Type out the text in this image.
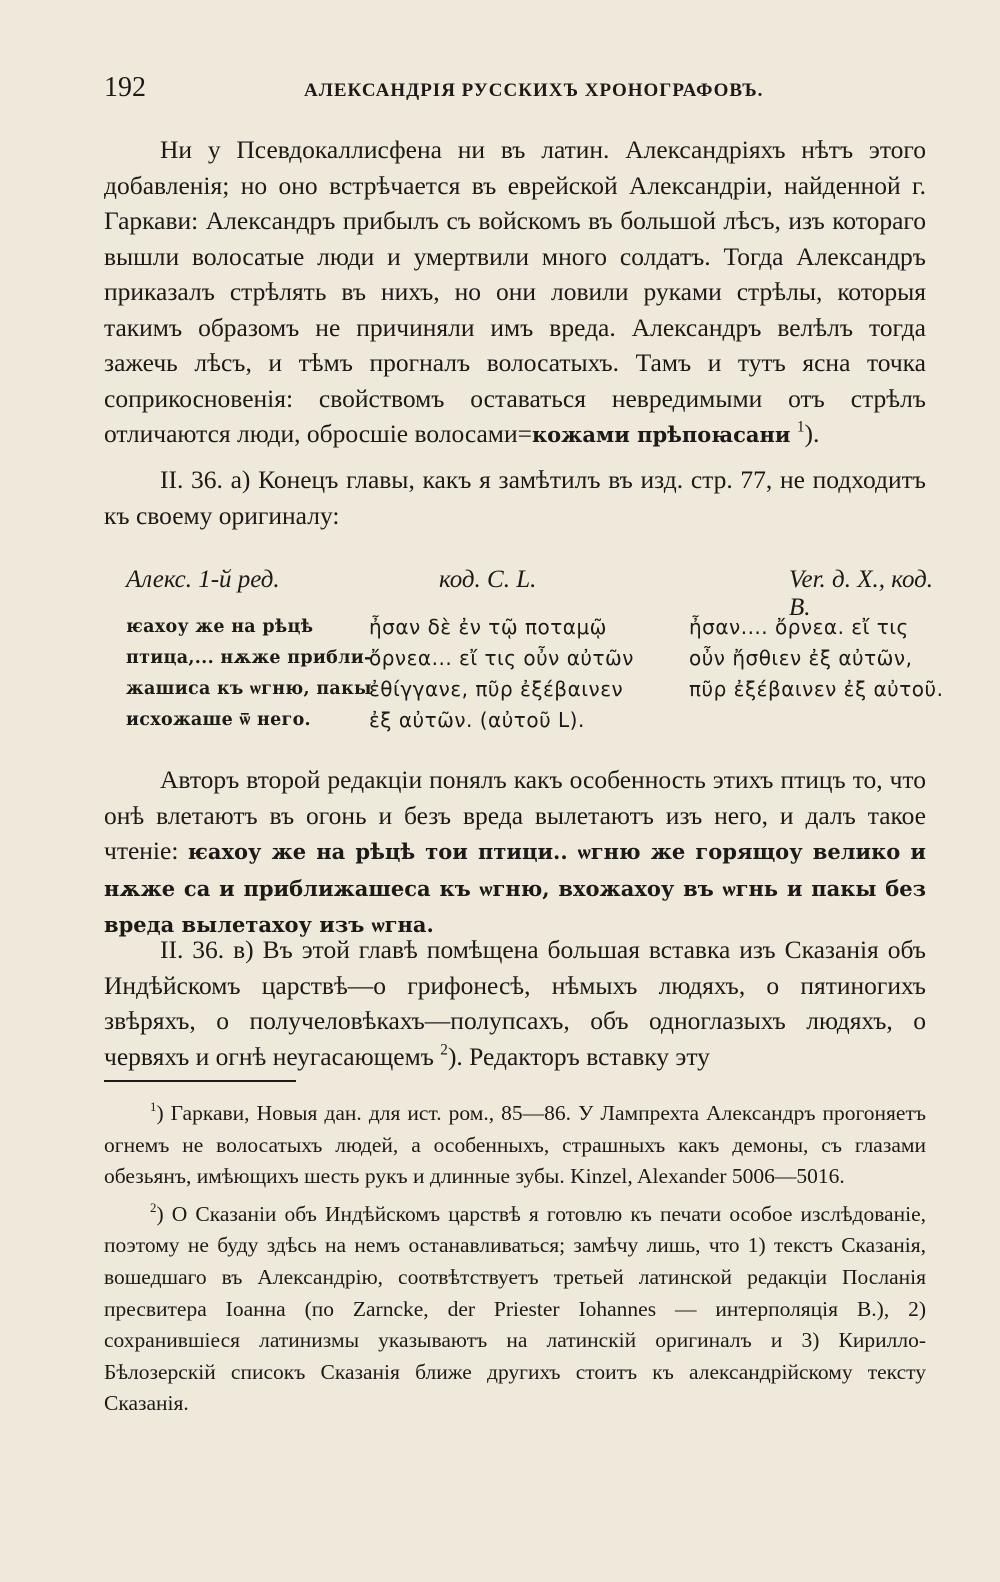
192	АЛЕКСАНДРІЯ РУССКИХЪ ХРОНОГРАФОВЪ.

Ни у Псевдокаллисфена ни въ латин. Александріяхъ нѣтъ этого добавленія; но оно встрѣчается въ еврейской Александріи, найденной г. Гаркави: Александръ прибылъ съ войскомъ въ большой лѣсъ, изъ котораго вышли волосатые люди и умертвили много солдатъ. Тогда Александръ приказалъ стрѣлять въ нихъ, но они ловили руками стрѣлы, которыя такимъ образомъ не причиняли имъ вреда. Александръ велѣлъ тогда зажечь лѣсъ, и тѣмъ прогналъ волосатыхъ. Тамъ и тутъ ясна точка соприкосновенія: свойствомъ оставаться невредимыми отъ стрѣлъ отличаются люди, обросшіе волосами=кожами прѣпоꙗсани $^1$).

II. 36. а) Конецъ главы, какъ я замѣтилъ въ изд. стр. 77, не подходитъ къ своему оригиналу:

Алекс. 1-й ред.
ѥахоу же на рѣцѣ
птица,... нѫже прибли-
жашиса къ ѡгню, пакы
исхожаше ѿ него.
код. С. L.
ἦσαν δὲ ἐν τῷ ποταμῷ
ὄρνεα... εἴ τις οὖν αὐτῶν
ἐθίγγανε, πῦρ ἐξέβαινεν
ἐξ αὐτῶν. (αὐτοῦ L).
Ver. д. X., код. B.
ἦσαν.... ὄρνεα. εἴ τις
οὖν ἤσθιεν ἐξ αὐτῶν,
πῦρ ἐξέβαινεν ἐξ αὐτοῦ.

Авторъ второй редакціи понялъ какъ особенность этихъ птицъ то, что онѣ влетаютъ въ огонь и безъ вреда вылетаютъ изъ него, и далъ такое чтеніе: ѥахоу же на рѣцѣ тои птици.. ѡгню же горящоу велико и нѫже са и приближашеса къ ѡгню, вхожахоу въ ѡгнь и пакы без вреда вылетахоу изъ ѡгна.

II. 36. в) Въ этой главѣ помѣщена большая вставка изъ Сказанія объ Индѣйскомъ царствѣ—о грифонесѣ, нѣмыхъ людяхъ, о пятиногихъ звѣряхъ, о получеловѣкахъ—полупсахъ, объ одноглазыхъ людяхъ, о червяхъ и огнѣ неугасающемъ $^2$). Редакторъ вставку эту

$^1$) Гаркави, Новыя дан. для ист. ром., 85—86. У Лампрехта Александръ прогоняетъ огнемъ не волосатыхъ людей, а особенныхъ, страшныхъ какъ демоны, съ глазами обезьянъ, имѣющихъ шесть рукъ и длинные зубы. Kinzel, Alexander 5006—5016.

$^2$) О Сказаніи объ Индѣйскомъ царствѣ я готовлю къ печати особое изслѣдованіе, поэтому не буду здѣсь на немъ останавливаться; замѣчу лишь, что 1) текстъ Сказанія, вошедшаго въ Александрію, соотвѣтствуетъ третьей латинской редакціи Посланія пресвитера Іоанна (по Zarncke, der Priester Iohannes — интерполяція В.), 2) сохранившіеся латинизмы указываютъ на латинскій оригиналъ и 3) Кирилло-Бѣлозерскій списокъ Сказанія ближе другихъ стоитъ къ александрійскому тексту Сказанія.
